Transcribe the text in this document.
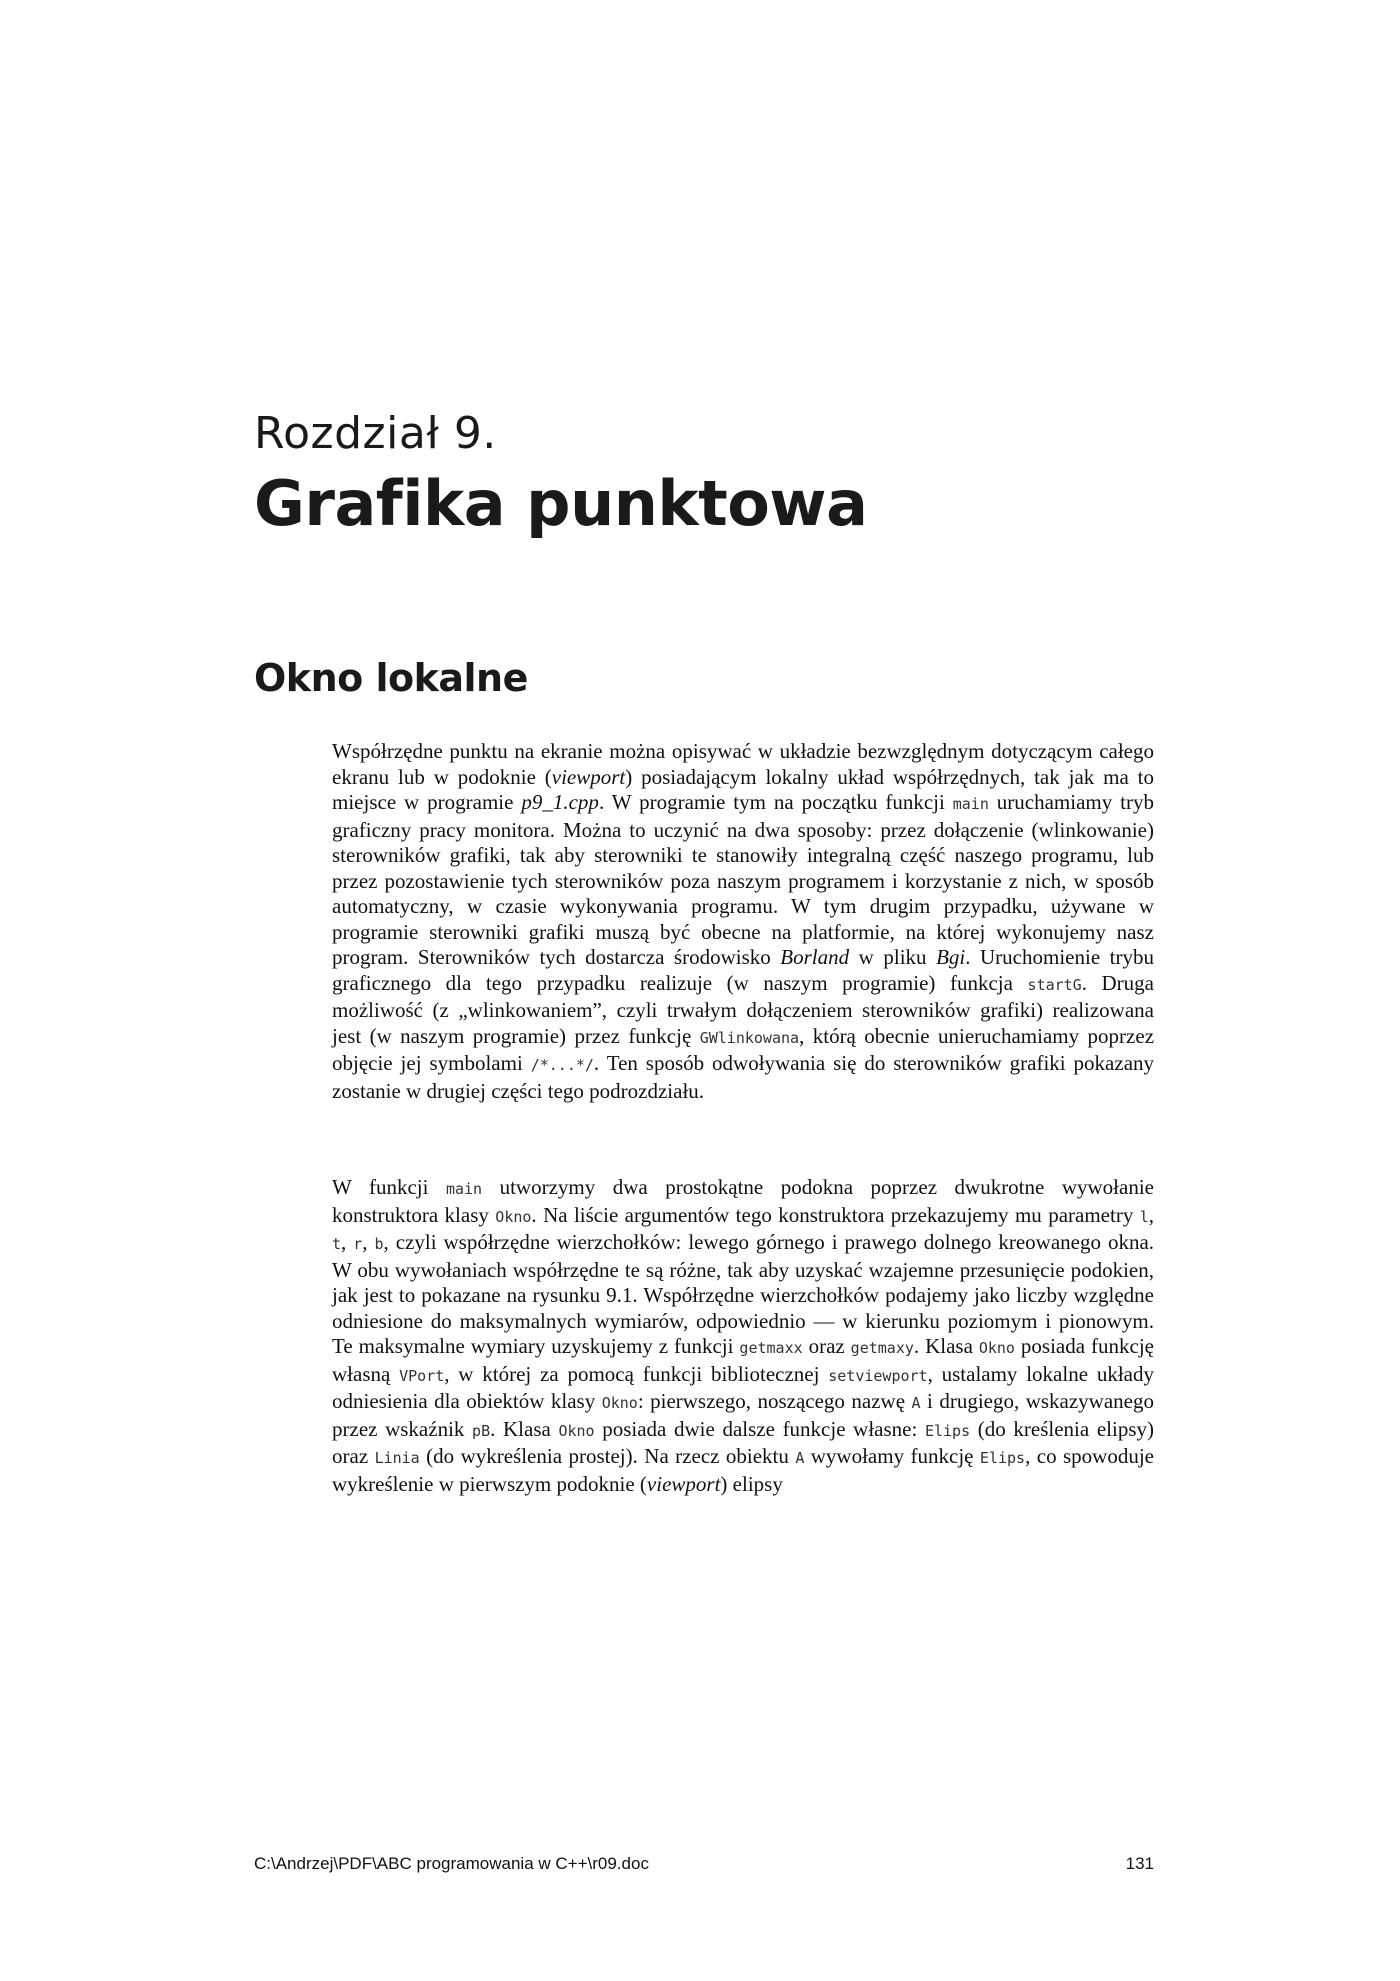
Rozdział 9.
Grafika punktowa
Okno lokalne

Współrzędne punktu na ekranie można opisywać w układzie bezwzględnym dotyczącym całego ekranu lub w podoknie (viewport) posiadającym lokalny układ współrzędnych, tak jak ma to miejsce w programie p9_1.cpp. W programie tym na początku funkcji main uruchamiamy tryb graficzny pracy monitora. Można to uczynić na dwa sposoby: przez dołączenie (wlinkowanie) sterowników grafiki, tak aby sterowniki te stanowiły integralną część naszego programu, lub przez pozostawienie tych sterowników poza naszym programem i korzystanie z nich, w sposób automatyczny, w czasie wykonywania programu. W tym drugim przypadku, używane w programie sterowniki grafiki muszą być obecne na platformie, na której wykonujemy nasz program. Sterowników tych dostarcza środowisko Borland w pliku Bgi. Uruchomienie trybu graficznego dla tego przypadku realizuje (w naszym programie) funkcja startG. Druga możliwość (z „wlinkowaniem”, czyli trwałym dołączeniem sterowników grafiki) realizowana jest (w naszym programie) przez funkcję GWlinkowana, którą obecnie unieruchamiamy poprzez objęcie jej symbolami /*...*/. Ten sposób odwoływania się do sterowników grafiki pokazany zostanie w drugiej części tego podrozdziału.

W funkcji main utworzymy dwa prostokątne podokna poprzez dwukrotne wywołanie konstruktora klasy Okno. Na liście argumentów tego konstruktora przekazujemy mu parametry l, t, r, b, czyli współrzędne wierzchołków: lewego górnego i prawego dolnego kreowanego okna. W obu wywołaniach współrzędne te są różne, tak aby uzyskać wzajemne przesunięcie podokien, jak jest to pokazane na rysunku 9.1. Współrzędne wierzchołków podajemy jako liczby względne odniesione do maksymalnych wymiarów, odpowiednio — w kierunku poziomym i pionowym. Te maksymalne wymiary uzyskujemy z funkcji getmaxx oraz getmaxy. Klasa Okno posiada funkcję własną VPort, w której za pomocą funkcji bibliotecznej setviewport, ustalamy lokalne układy odniesienia dla obiektów klasy Okno: pierwszego, noszącego nazwę A i drugiego, wskazywanego przez wskaźnik pB. Klasa Okno posiada dwie dalsze funkcje własne: Elips (do kreślenia elipsy) oraz Linia (do wykreślenia prostej). Na rzecz obiektu A wywołamy funkcję Elips, co spowoduje wykreślenie w pierwszym podoknie (viewport) elipsy

C:\Andrzej\PDF\ABC programowania w C++\r09.doc	131
